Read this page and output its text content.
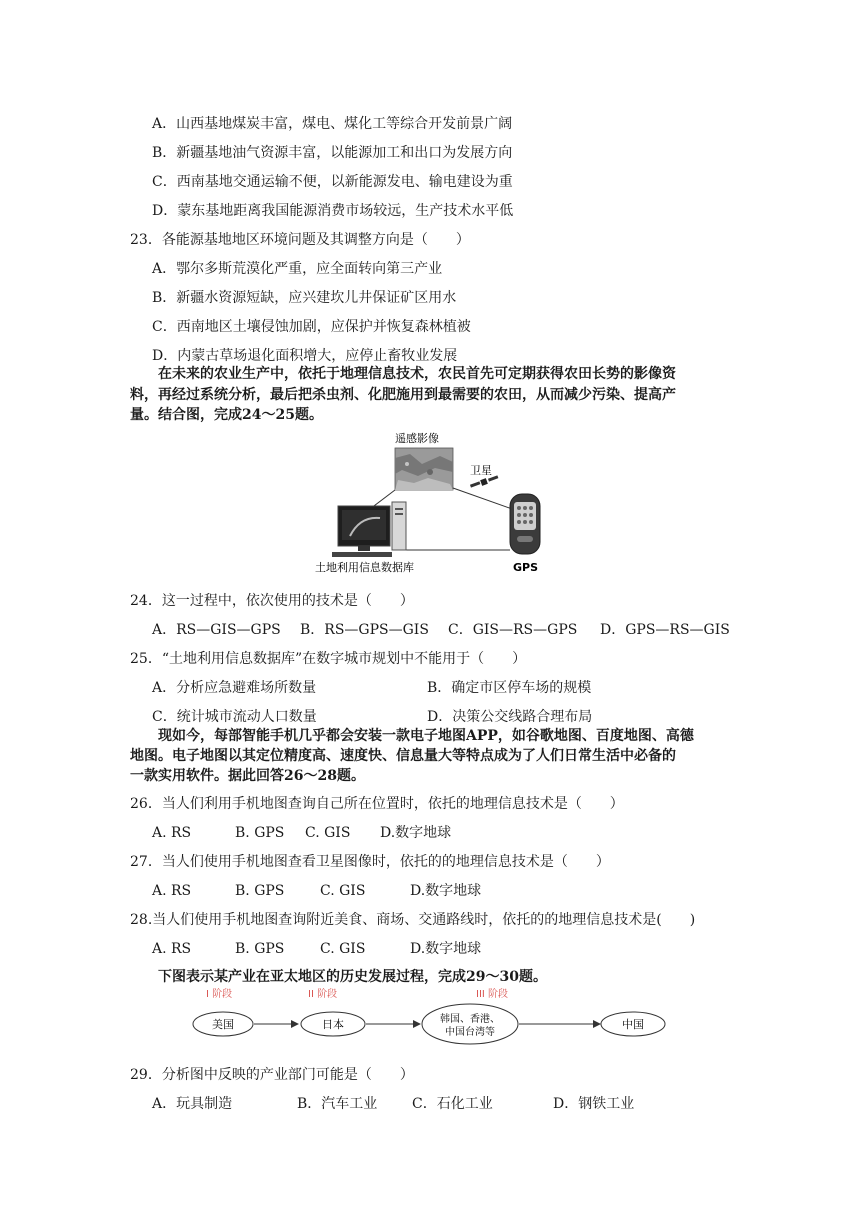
A．山西基地煤炭丰富，煤电、煤化工等综合开发前景广阔
B．新疆基地油气资源丰富，以能源加工和出口为发展方向
C．西南基地交通运输不便，以新能源发电、输电建设为重
D．蒙东基地距离我国能源消费市场较远，生产技术水平低
23．各能源基地地区环境问题及其调整方向是（　　）
A．鄂尔多斯荒漠化严重，应全面转向第三产业
B．新疆水资源短缺，应兴建坎儿井保证矿区用水
C．西南地区土壤侵蚀加剧，应保护并恢复森林植被
D．内蒙古草场退化面积增大，应停止畜牧业发展
在未来的农业生产中，依托于地理信息技术，农民首先可定期获得农田长势的影像资
料，再经过系统分析，最后把杀虫剂、化肥施用到最需要的农田，从而减少污染、提高产
量。结合图，完成24～25题。
遥感影像
卫星
土地利用信息数据库	GPS
24．这一过程中，依次使用的技术是（　　）
A．RS—GIS—GPS B．RS—GPS—GIS C．GIS—RS—GPS D．GPS—RS—GIS
25．“土地利用信息数据库”在数字城市规划中不能用于（　　）
A．分析应急避难场所数量	B．确定市区停车场的规模
C．统计城市流动人口数量	D．决策公交线路合理布局
现如今，每部智能手机几乎都会安装一款电子地图APP，如谷歌地图、百度地图、高德
地图。电子地图以其定位精度高、速度快、信息量大等特点成为了人们日常生活中必备的
一款实用软件。据此回答26～28题。
26．当人们利用手机地图查询自己所在位置时，依托的地理信息技术是（　　）
A. RS	B. GPS C. GIS D.数字地球
27．当人们使用手机地图查看卫星图像时，依托的的地理信息技术是（　　）
A. RS	B. GPS	C. GIS	D.数字地球
28.当人们使用手机地图查询附近美食、商场、交通路线时，依托的的地理信息技术是(　　)
A. RS	B. GPS	C. GIS	D.数字地球
下图表示某产业在亚太地区的历史发展过程，完成29～30题。
I 阶段	II 阶段	III 阶段
美国	日本	韩国、香港、
中国台湾等
中国
29．分析图中反映的产业部门可能是（　　）
A．玩具制造	B．汽车工业 C．石化工业	D．钢铁工业
